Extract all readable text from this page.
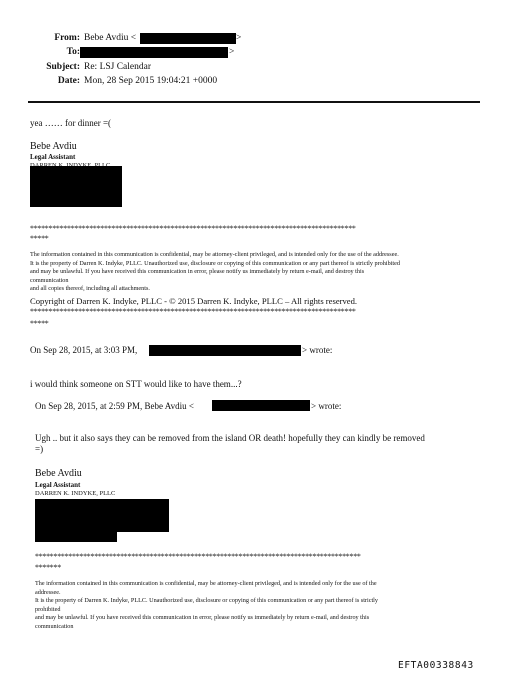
From: Bebe Avdiu <	>
To:	>
Subject: Re: LSJ Calendar
Date: Mon, 28 Sep 2015 19:04:21 +0000
yea …… for dinner =(
Bebe Avdiu
Legal Assistant
****************************************************************************************
*****
The information contained in this communication is confidential, may be attorney-client privileged, and is intended only for the use of the addressee.
It is the property of Darren K. Indyke, PLLC. Unauthorized use, disclosure or copying of this communication or any part thereof is strictly prohibited
and may be unlawful. If you have received this communication in error, please notify us immediately by return e-mail, and destroy this
communication
and all copies thereof, including all attachments.
Copyright of Darren K. Indyke, PLLC - © 2015 Darren K. Indyke, PLLC – All rights reserved.
****************************************************************************************
*****
On Sep 28, 2015, at 3:03 PM,	> wrote:
i would think someone on STT would like to have them...?
On Sep 28, 2015, at 2:59 PM, Bebe Avdiu <	> wrote:
Ugh .. but it also says they can be removed from the island OR death! hopefully they can kindly be removed
=)
Bebe Avdiu
Legal Assistant
DARREN K. INDYKE, PLLC
****************************************************************************************
*******
The information contained in this communication is confidential, may be attorney-client privileged, and is intended only for the use of the
addressee.
It is the property of Darren K. Indyke, PLLC. Unauthorized use, disclosure or copying of this communication or any part thereof is strictly
prohibited
and may be unlawful. If you have received this communication in error, please notify us immediately by return e-mail, and destroy this
communication
EFTA00338843
